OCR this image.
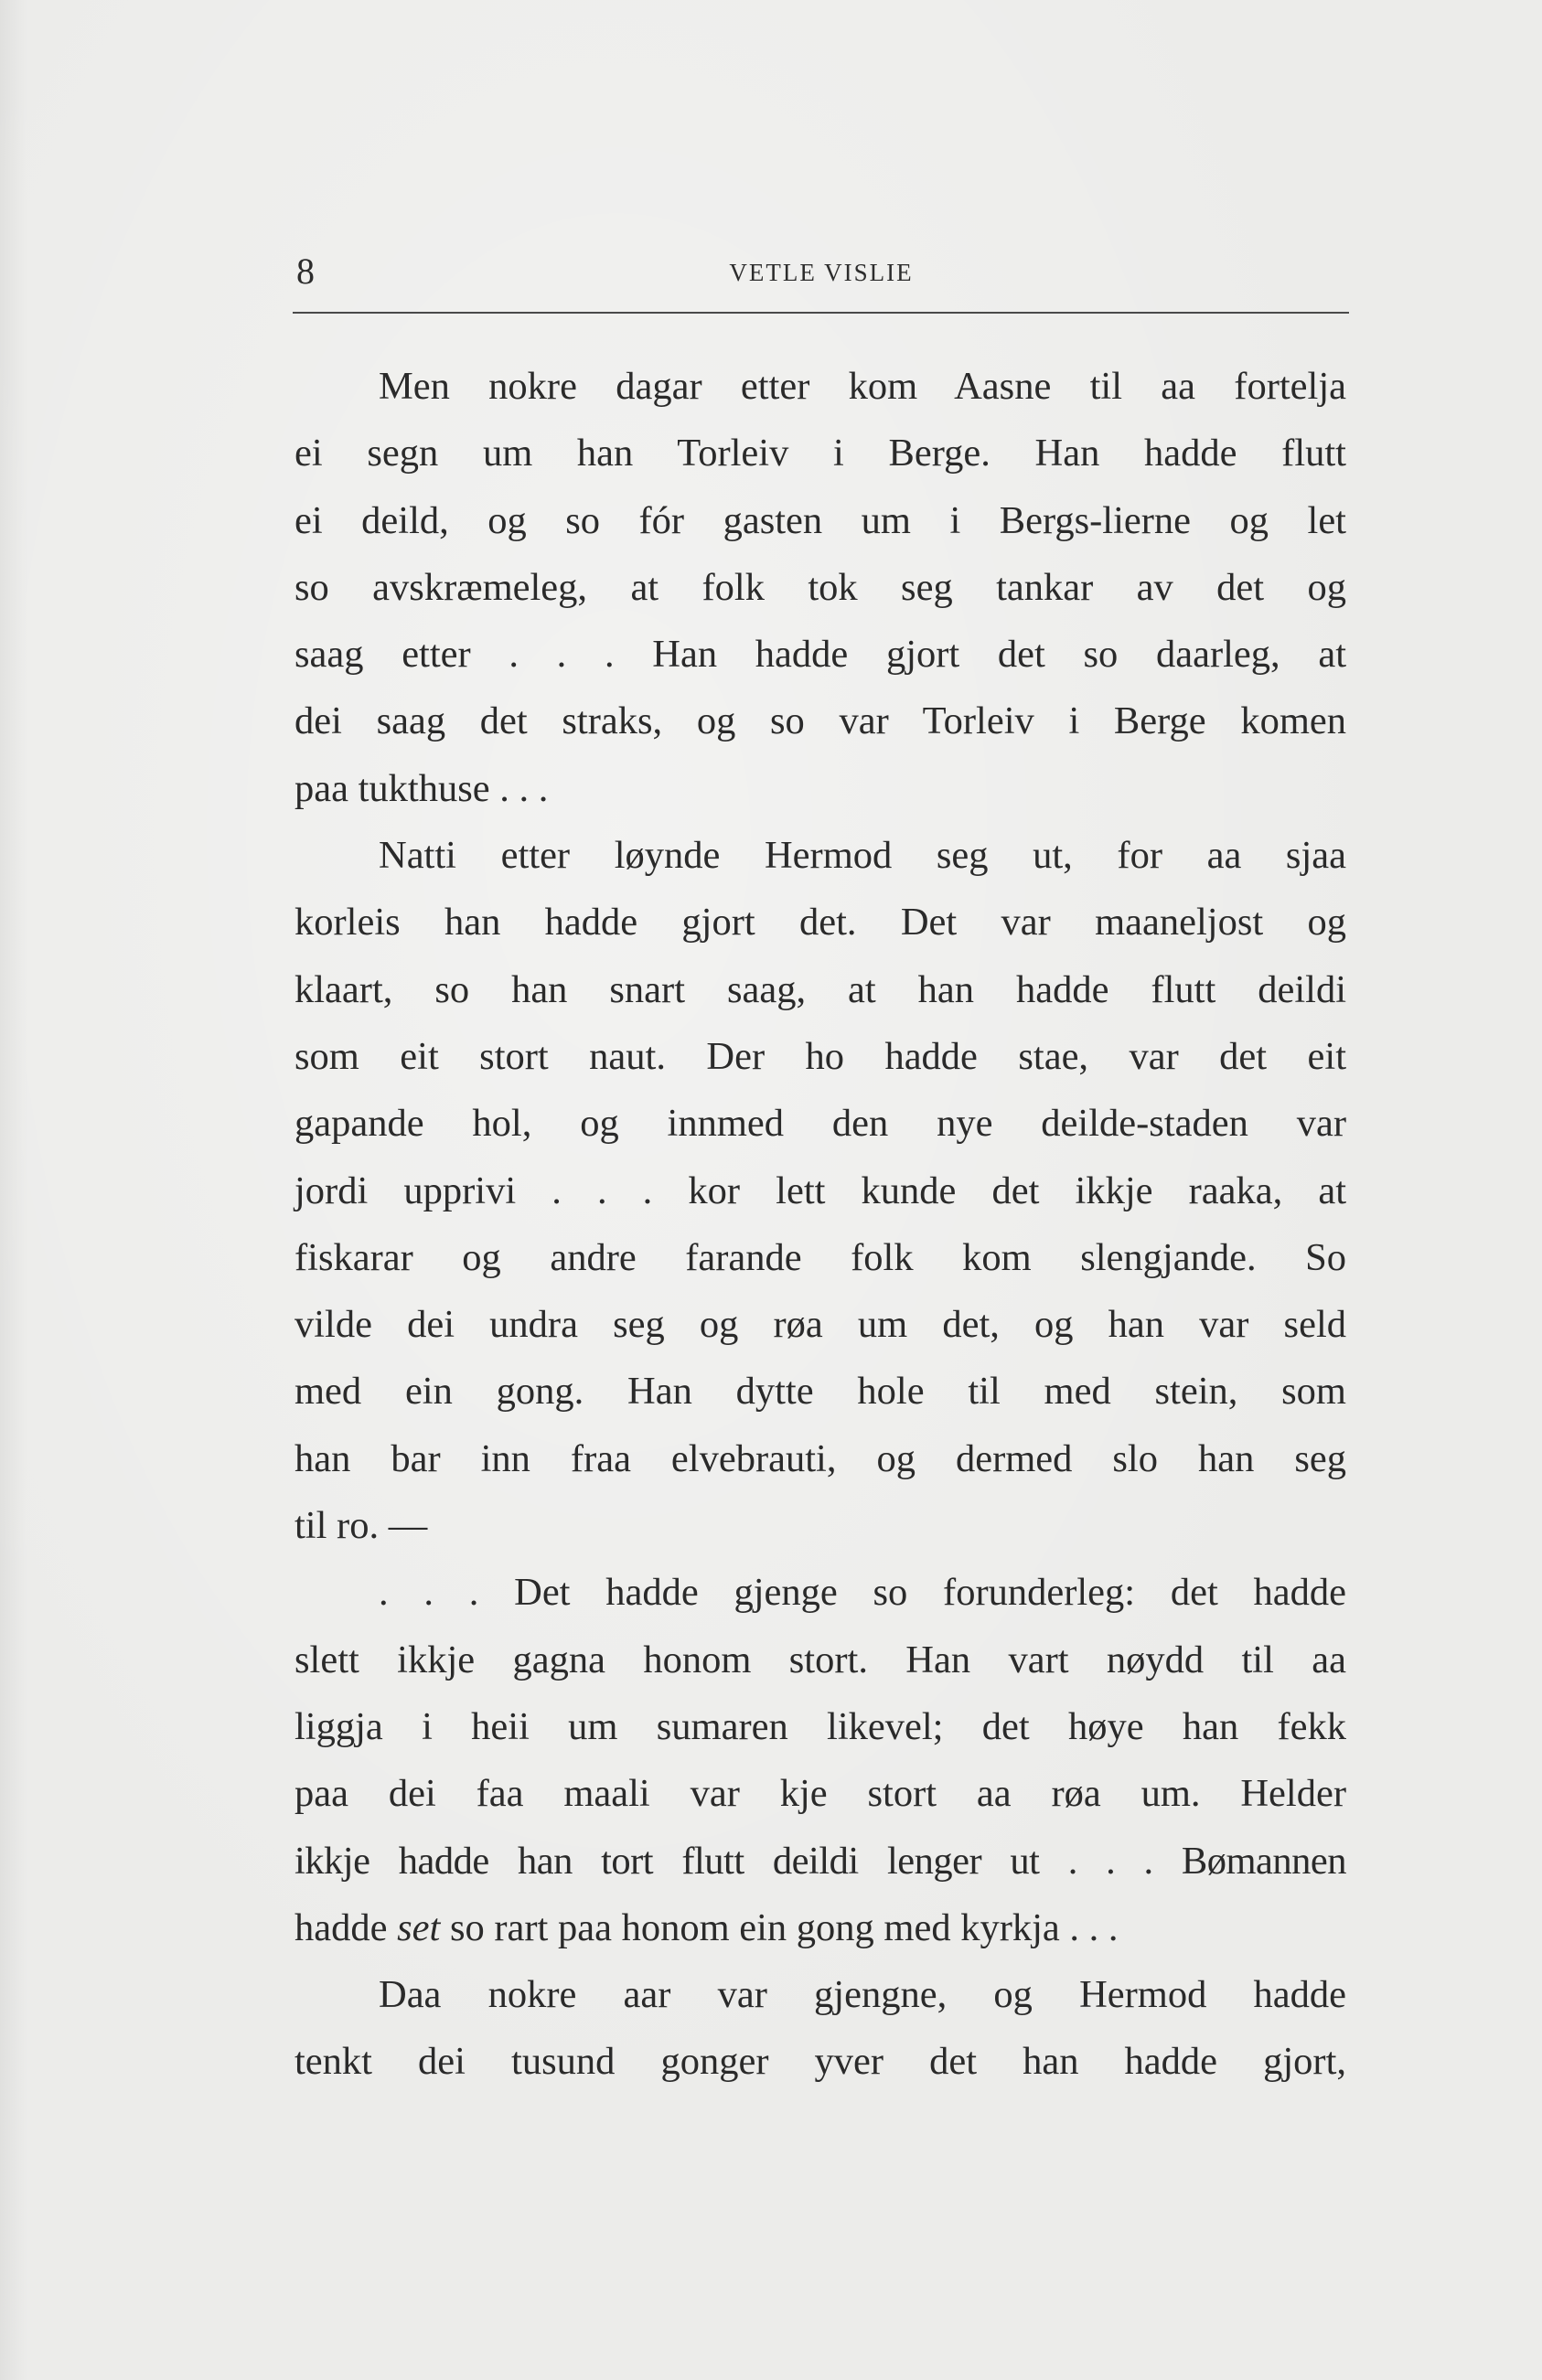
8	VETLE VISLIE
Men nokre dagar etter kom Aasne til aa fortelja
ei segn um han Torleiv i Berge. Han hadde flutt
ei deild, og so fór gasten um i Bergs-lierne og let
so avskræmeleg, at folk tok seg tankar av det og
saag etter . . . Han hadde gjort det so daarleg, at
dei saag det straks, og so var Torleiv i Berge komen
paa tukthuse . . .
Natti etter løynde Hermod seg ut, for aa sjaa
korleis han hadde gjort det. Det var maaneljost og
klaart, so han snart saag, at han hadde flutt deildi
som eit stort naut. Der ho hadde stae, var det eit
gapande hol, og innmed den nye deilde-staden var
jordi upprivi . . . kor lett kunde det ikkje raaka, at
fiskarar og andre farande folk kom slengjande. So
vilde dei undra seg og røa um det, og han var seld
med ein gong. Han dytte hole til med stein, som
han bar inn fraa elvebrauti, og dermed slo han seg
til ro. —
. . . Det hadde gjenge so forunderleg: det hadde
slett ikkje gagna honom stort. Han vart nøydd til aa
liggja i heii um sumaren likevel; det høye han fekk
paa dei faa maali var kje stort aa røa um. Helder
ikkje hadde han tort flutt deildi lenger ut . . . Bømannen
hadde set so rart paa honom ein gong med kyrkja . . .
Daa nokre aar var gjengne, og Hermod hadde
tenkt dei tusund gonger yver det han hadde gjort,
